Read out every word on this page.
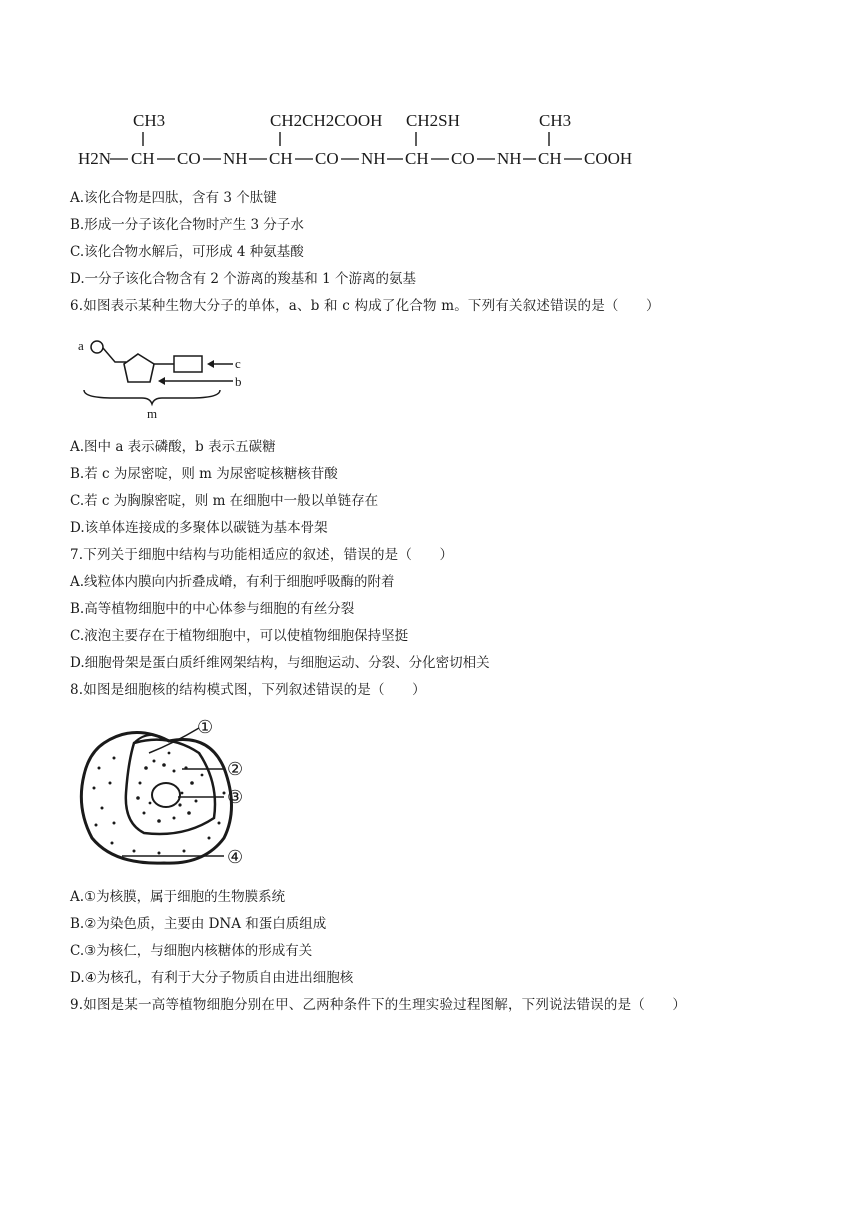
CH3	CH2CH2COOH CH2SH	CH3
H2N CH CO NH CH CO NH CH CO NH CH COOH
A.该化合物是四肽，含有 3 个肽键
B.形成一分子该化合物时产生 3 分子水
C.该化合物水解后，可形成 4 种氨基酸
D.一分子该化合物含有 2 个游离的羧基和 1 个游离的氨基
6.如图表示某种生物大分子的单体，a、b 和 c 构成了化合物 m。下列有关叙述错误的是（　　）
a
c
b
m
A.图中 a 表示磷酸，b 表示五碳糖
B.若 c 为尿密啶，则 m 为尿密啶核糖核苷酸
C.若 c 为胸腺密啶，则 m 在细胞中一般以单链存在
D.该单体连接成的多聚体以碳链为基本骨架
7.下列关于细胞中结构与功能相适应的叙述，错误的是（　　）
A.线粒体内膜向内折叠成嵴，有利于细胞呼吸酶的附着
B.高等植物细胞中的中心体参与细胞的有丝分裂
C.液泡主要存在于植物细胞中，可以使植物细胞保持坚挺
D.细胞骨架是蛋白质纤维网架结构，与细胞运动、分裂、分化密切相关
8.如图是细胞核的结构模式图，下列叙述错误的是（　　）
①
②
③
④
A.①为核膜，属于细胞的生物膜系统
B.②为染色质，主要由 DNA 和蛋白质组成
C.③为核仁，与细胞内核糖体的形成有关
D.④为核孔，有利于大分子物质自由进出细胞核
9.如图是某一高等植物细胞分别在甲、乙两种条件下的生理实验过程图解，下列说法错误的是（　　）
